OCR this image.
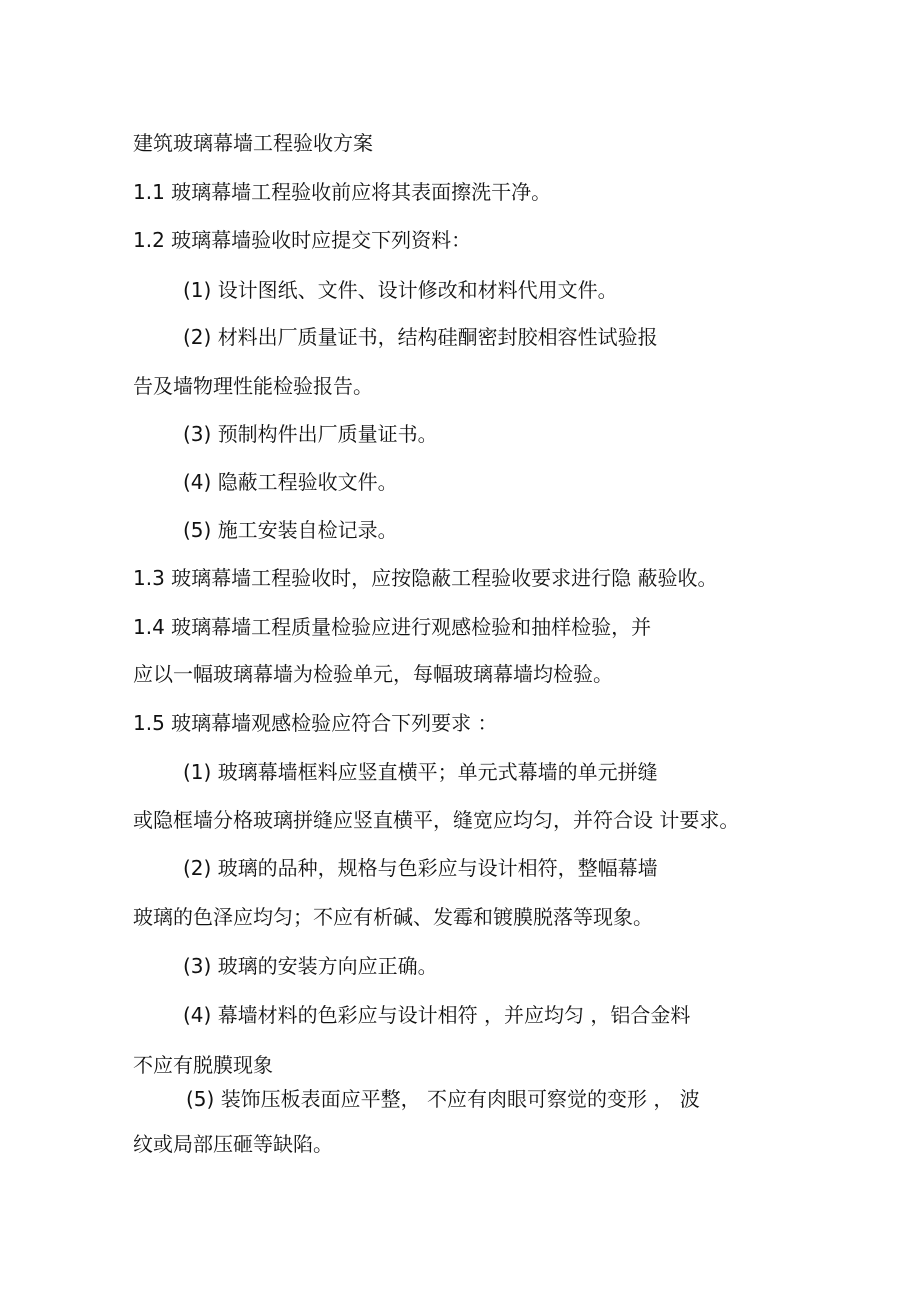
建筑玻璃幕墙工程验收方案
1.1 玻璃幕墙工程验收前应将其表面擦洗干净。
1.2 玻璃幕墙验收时应提交下列资料：
(1) 设计图纸、文件、设计修改和材料代用文件。
(2) 材料出厂质量证书，结构硅酮密封胶相容性试验报
告及墙物理性能检验报告。
(3) 预制构件出厂质量证书。
(4) 隐蔽工程验收文件。
(5) 施工安装自检记录。
1.3 玻璃幕墙工程验收时，应按隐蔽工程验收要求进行隐 蔽验收。
1.4 玻璃幕墙工程质量检验应进行观感检验和抽样检验，并
应以一幅玻璃幕墙为检验单元，每幅玻璃幕墙均检验。
1.5 玻璃幕墙观感检验应符合下列要求 ：
(1) 玻璃幕墙框料应竖直横平；单元式幕墙的单元拼缝
或隐框墙分格玻璃拼缝应竖直横平，缝宽应均匀，并符合设 计要求。
(2) 玻璃的品种，规格与色彩应与设计相符，整幅幕墙
玻璃的色泽应均匀；不应有析碱、发霉和镀膜脱落等现象。
(3) 玻璃的安装方向应正确。
(4) 幕墙材料的色彩应与设计相符 ，并应均匀 ，铝合金料
不应有脱膜现象
(5) 装饰压板表面应平整， 不应有肉眼可察觉的变形 ， 波
纹或局部压砸等缺陷。
